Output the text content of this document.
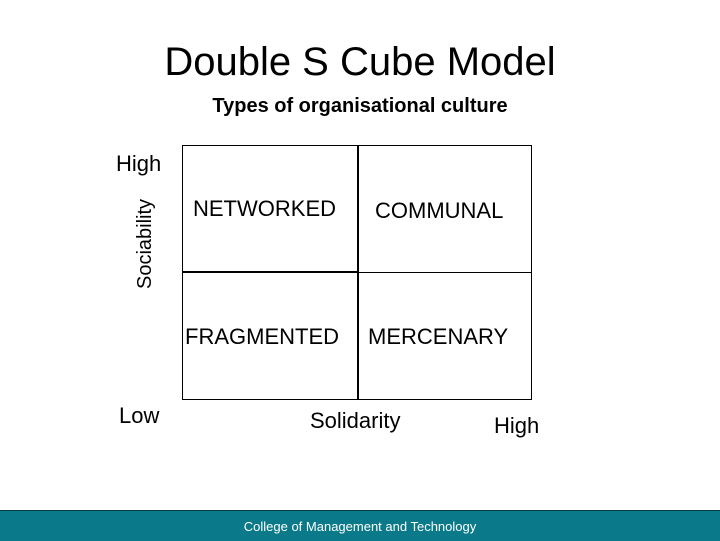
Double S Cube Model
Types of organisational culture
High
Sociability
Low
NETWORKED COMMUNAL
FRAGMENTED MERCENARY
Solidarity	High
College of Management and Technology
